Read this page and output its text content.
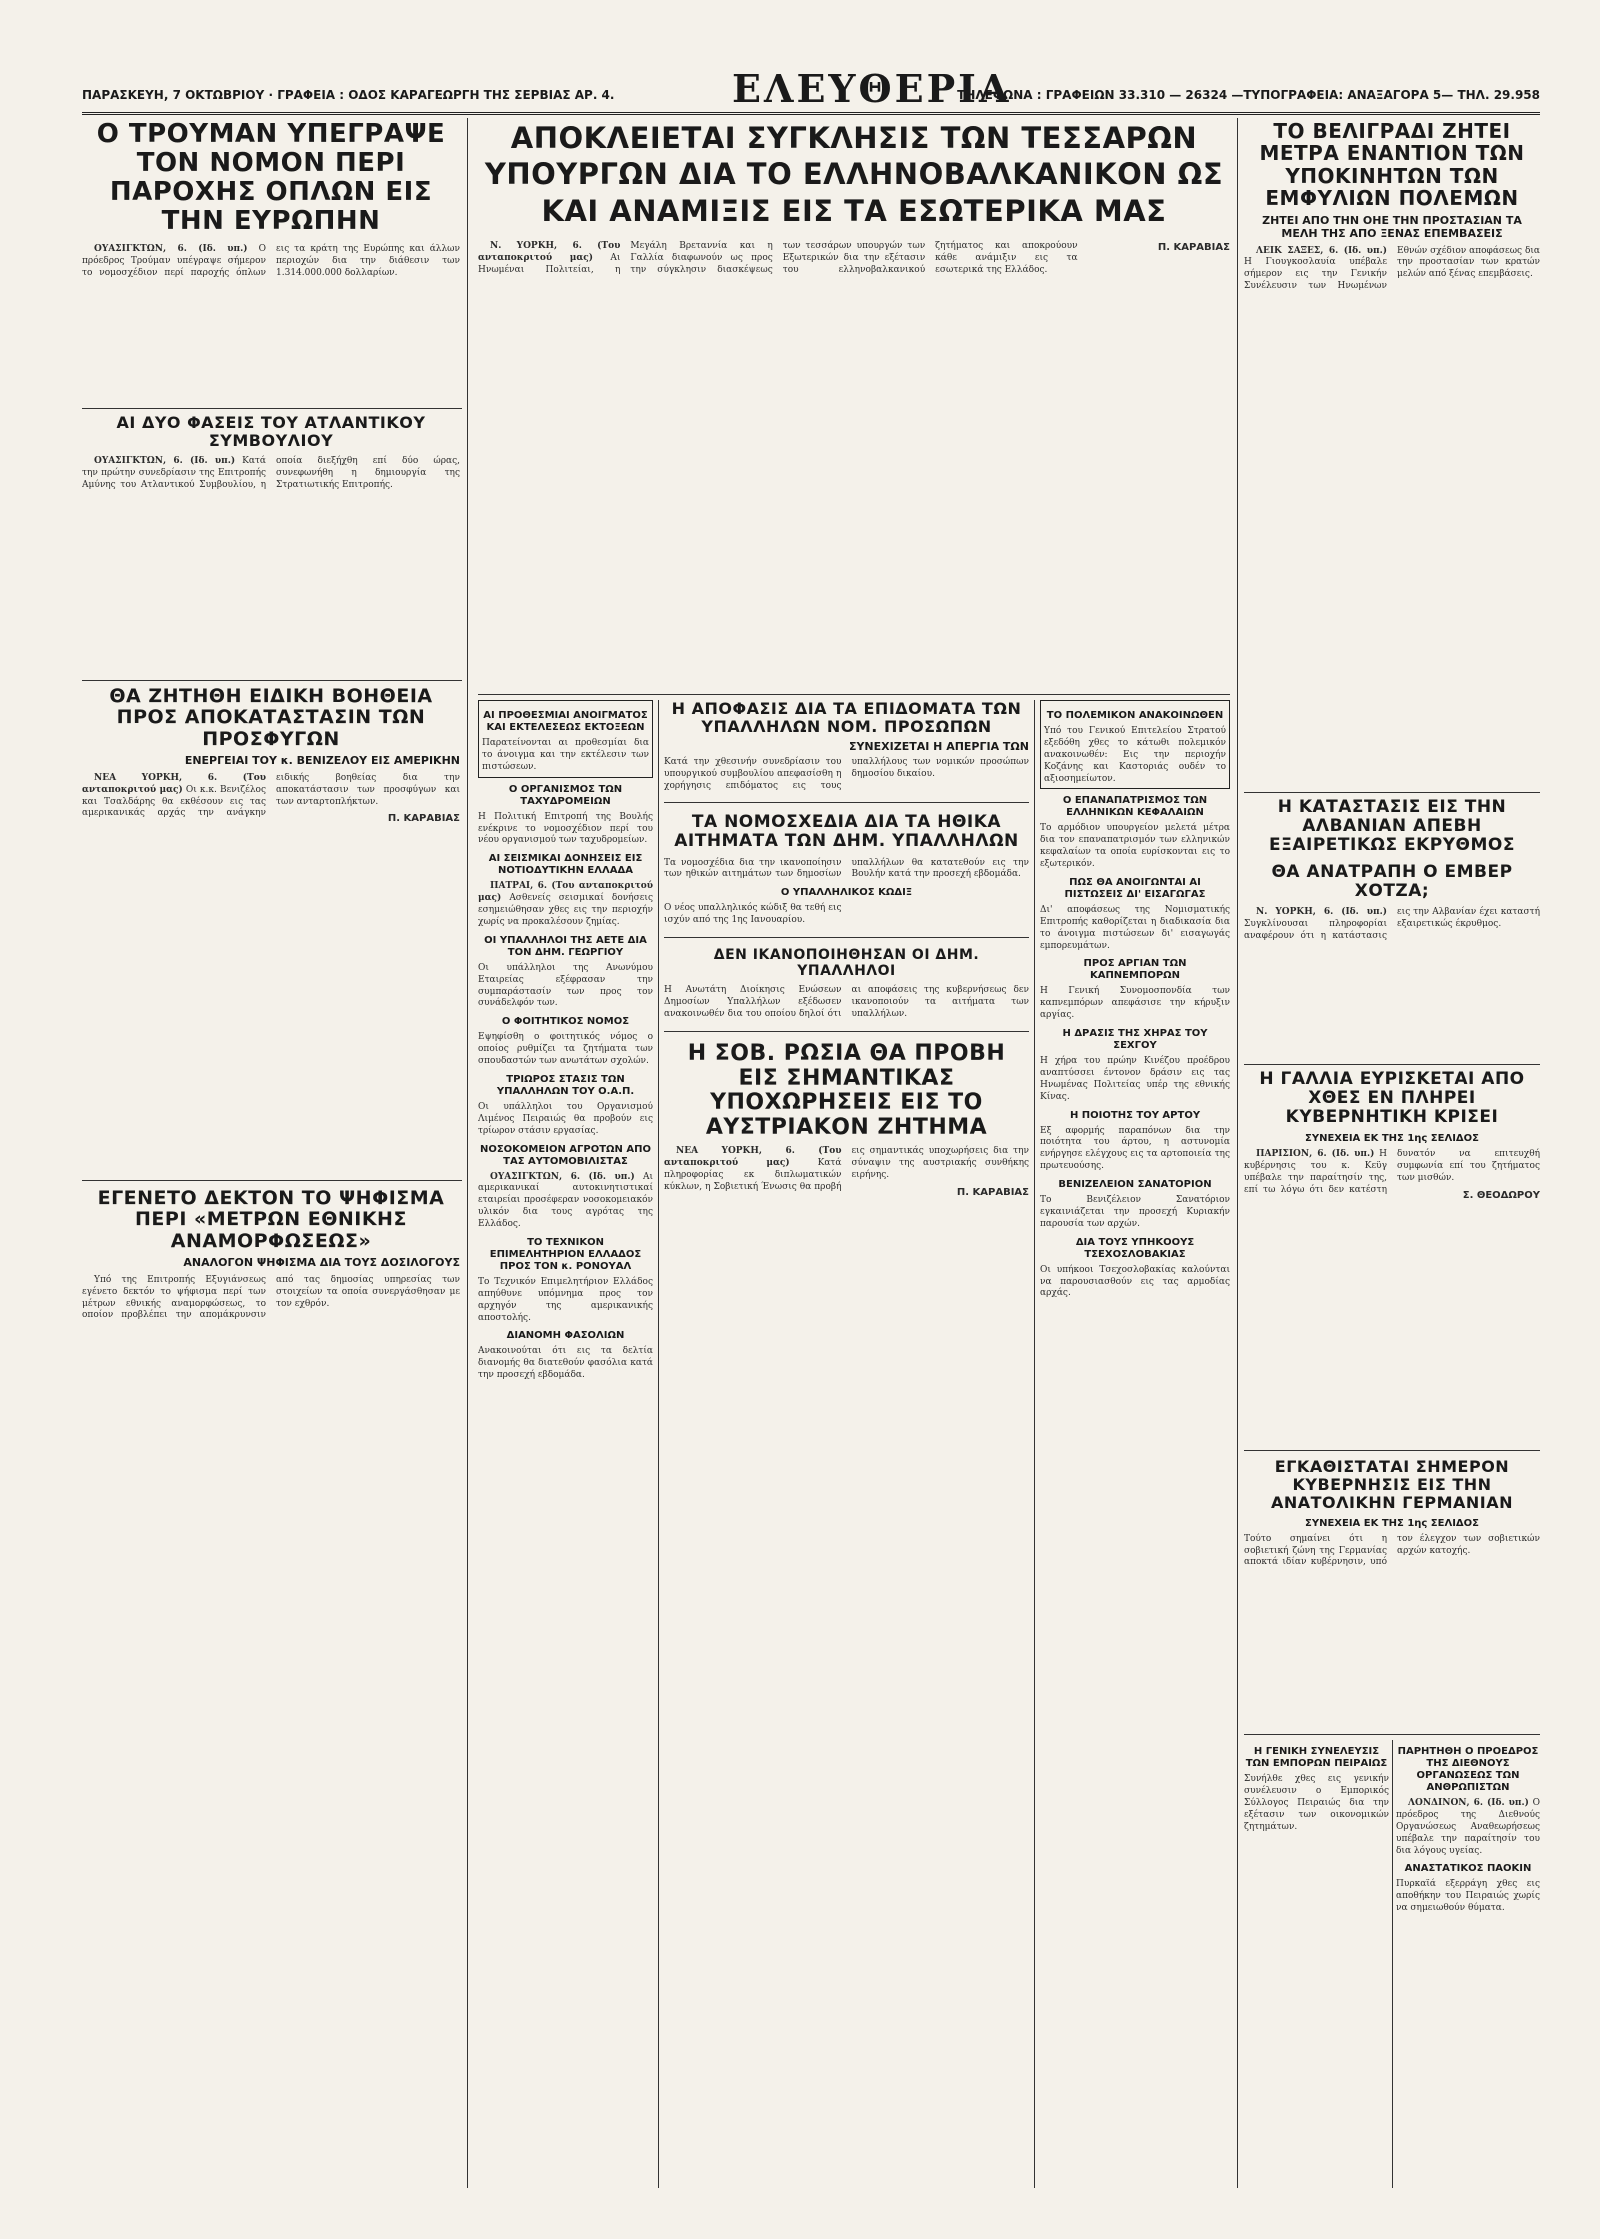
ΠΑΡΑΣΚΕΥΗ, 7 ΟΚΤΩΒΡΙΟΥ · ΓΡΑΦΕΙΑ : ΟΔΟΣ ΚΑΡΑΓΕΩΡΓΗ ΤΗΣ ΣΕΡΒΙΑΣ ΑΡ. 4.	ΕΛΕΥΘΕΡΙΑ
ΤΗΛΕΦΩΝΑ : ΓΡΑΦΕΙΩΝ 33.310 — 26324 —ΤΥΠΟΓΡΑΦΕΙΑ: ΑΝΑΞΑΓΟΡΑ 5— ΤΗΛ. 29.958
Ο ΤΡΟΥΜΑΝ ΥΠΕΓΡΑΨΕ ΤΟΝ ΝΟΜΟΝ ΠΕΡΙ ΠΑΡΟΧΗΣ ΟΠΛΩΝ ΕΙΣ ΤΗΝ ΕΥΡΩΠΗΝ

ΟΥΑΣΙΓΚΤΩΝ, 6. (Ιδ. υπ.) Ο πρόεδρος Τρούμαν υπέγραψε σήμερον το νομοσχέδιον περί παροχής όπλων εις τα κράτη της Ευρώπης και άλλων περιοχών δια την διάθεσιν των 1.314.000.000 δολλαρίων.

ΑΙ ΔΥΟ ΦΑΣΕΙΣ ΤΟΥ ΑΤΛΑΝΤΙΚΟΥ ΣΥΜΒΟΥΛΙΟΥ

ΟΥΑΣΙΓΚΤΩΝ, 6. (Ιδ. υπ.) Κατά την πρώτην συνεδρίασιν της Επιτροπής Αμύνης του Ατλαντικού Συμβουλίου, η οποία διεξήχθη επί δύο ώρας, συνεφωνήθη η δημιουργία της Στρατιωτικής Επιτροπής.

ΘΑ ΖΗΤΗΘΗ ΕΙΔΙΚΗ ΒΟΗΘΕΙΑ ΠΡΟΣ ΑΠΟΚΑΤΑΣΤΑΣΙΝ ΤΩΝ ΠΡΟΣΦΥΓΩΝ
ΕΝΕΡΓΕΙΑΙ ΤΟΥ κ. ΒΕΝΙΖΕΛΟΥ ΕΙΣ ΑΜΕΡΙΚΗΝ

ΝΕΑ ΥΟΡΚΗ, 6. (Του ανταποκριτού μας) Οι κ.κ. Βενιζέλος και Τσαλδάρης θα εκθέσουν εις τας αμερικανικάς αρχάς την ανάγκην ειδικής βοηθείας δια την αποκατάστασιν των προσφύγων και των ανταρτοπλήκτων.

Π. ΚΑΡΑΒΙΑΣ
ΕΓΕΝΕΤΟ ΔΕΚΤΟΝ ΤΟ ΨΗΦΙΣΜΑ ΠΕΡΙ «ΜΕΤΡΩΝ ΕΘΝΙΚΗΣ ΑΝΑΜΟΡΦΩΣΕΩΣ»
ΑΝΑΛΟΓΟΝ ΨΗΦΙΣΜΑ ΔΙΑ ΤΟΥΣ ΔΟΣΙΛΟΓΟΥΣ

Υπό της Επιτροπής Εξυγιάνσεως εγένετο δεκτόν το ψήφισμα περί των μέτρων εθνικής αναμορφώσεως, το οποίον προβλέπει την απομάκρυνσιν από τας δημοσίας υπηρεσίας των στοιχείων τα οποία συνεργάσθησαν με τον εχθρόν.

ΑΠΟΚΛΕΙΕΤΑΙ ΣΥΓΚΛΗΣΙΣ ΤΩΝ ΤΕΣΣΑΡΩΝ ΥΠΟΥΡΓΩΝ ΔΙΑ ΤΟ ΕΛΛΗΝΟΒΑΛΚΑΝΙΚΟΝ ΩΣ ΚΑΙ ΑΝΑΜΙΞΙΣ ΕΙΣ ΤΑ ΕΣΩΤΕΡΙΚΑ ΜΑΣ

Ν. ΥΟΡΚΗ, 6. (Του ανταποκριτού μας) Αι Ηνωμέναι Πολιτείαι, η Μεγάλη Βρεταννία και η Γαλλία διαφωνούν ως προς την σύγκλησιν διασκέψεως των τεσσάρων υπουργών των Εξωτερικών δια την εξέτασιν του ελληνοβαλκανικού ζητήματος και αποκρούουν κάθε ανάμιξιν εις τα εσωτερικά της Ελλάδος.

Π. ΚΑΡΑΒΙΑΣ
ΑΙ ΠΡΟΘΕΣΜΙΑΙ ΑΝΟΙΓΜΑΤΟΣ ΚΑΙ ΕΚΤΕΛΕΣΕΩΣ ΕΚΤΟΞΕΩΝ
Παρατείνονται αι προθεσμίαι δια το άνοιγμα και την εκτέλεσιν των πιστώσεων.
Ο ΟΡΓΑΝΙΣΜΟΣ ΤΩΝ ΤΑΧΥΔΡΟΜΕΙΩΝ
Η Πολιτική Επιτροπή της Βουλής ενέκρινε το νομοσχέδιον περί του νέου οργανισμού των ταχυδρομείων.
ΑΙ ΣΕΙΣΜΙΚΑΙ ΔΟΝΗΣΕΙΣ ΕΙΣ ΝΟΤΙΟΔΥΤΙΚΗΝ ΕΛΛΑΔΑ

ΠΑΤΡΑΙ, 6. (Του ανταποκριτού μας) Ασθενείς σεισμικαί δονήσεις εσημειώθησαν χθες εις την περιοχήν χωρίς να προκαλέσουν ζημίας.

ΟΙ ΥΠΑΛΛΗΛΟΙ ΤΗΣ ΑΕΤΕ ΔΙΑ ΤΟΝ ΔΗΜ. ΓΕΩΡΓΙΟΥ
Οι υπάλληλοι της Ανωνύμου Εταιρείας εξέφρασαν την συμπαράστασίν των προς τον συνάδελφόν των.
Ο ΦΟΙΤΗΤΙΚΟΣ ΝΟΜΟΣ
Εψηφίσθη ο φοιτητικός νόμος ο οποίος ρυθμίζει τα ζητήματα των σπουδαστών των ανωτάτων σχολών.
ΤΡΙΩΡΟΣ ΣΤΑΣΙΣ ΤΩΝ ΥΠΑΛΛΗΛΩΝ ΤΟΥ Ο.Α.Π.
Οι υπάλληλοι του Οργανισμού Λιμένος Πειραιώς θα προβούν εις τρίωρον στάσιν εργασίας.
ΝΟΣΟΚΟΜΕΙΟΝ ΑΓΡΟΤΩΝ ΑΠΟ ΤΑΣ ΑΥΤΟΜΟΒΙΛΙΣΤΑΣ

ΟΥΑΣΙΓΚΤΩΝ, 6. (Ιδ. υπ.) Αι αμερικανικαί αυτοκινητιστικαί εταιρείαι προσέφεραν νοσοκομειακόν υλικόν δια τους αγρότας της Ελλάδος.

ΤΟ ΤΕΧΝΙΚΟΝ ΕΠΙΜΕΛΗΤΗΡΙΟΝ ΕΛΛΑΔΟΣ ΠΡΟΣ ΤΟΝ κ. ΡΟΝΟΥΑΛ
Το Τεχνικόν Επιμελητήριον Ελλάδος απηύθυνε υπόμνημα προς τον αρχηγόν της αμερικανικής αποστολής.
ΔΙΑΝΟΜΗ ΦΑΣΟΛΙΩΝ
Ανακοινούται ότι εις τα δελτία διανομής θα διατεθούν φασόλια κατά την προσεχή εβδομάδα.
Η ΑΠΟΦΑΣΙΣ ΔΙΑ ΤΑ ΕΠΙΔΟΜΑΤΑ ΤΩΝ ΥΠΑΛΛΗΛΩΝ ΝΟΜ. ΠΡΟΣΩΠΩΝ
ΣΥΝΕΧΙΖΕΤΑΙ Η ΑΠΕΡΓΙΑ ΤΩΝ
Κατά την χθεσινήν συνεδρίασιν του υπουργικού συμβουλίου απεφασίσθη η χορήγησις επιδόματος εις τους υπαλλήλους των νομικών προσώπων δημοσίου δικαίου.
ΤΑ ΝΟΜΟΣΧΕΔΙΑ ΔΙΑ ΤΑ ΗΘΙΚΑ ΑΙΤΗΜΑΤΑ ΤΩΝ ΔΗΜ. ΥΠΑΛΛΗΛΩΝ
Τα νομοσχέδια δια την ικανοποίησιν των ηθικών αιτημάτων των δημοσίων υπαλλήλων θα κατατεθούν εις την Βουλήν κατά την προσεχή εβδομάδα.
Ο ΥΠΑΛΛΗΛΙΚΟΣ ΚΩΔΙΞ
Ο νέος υπαλληλικός κώδιξ θα τεθή εις ισχύν από της 1ης Ιανουαρίου.
ΔΕΝ ΙΚΑΝΟΠΟΙΗΘΗΣΑΝ ΟΙ ΔΗΜ. ΥΠΑΛΛΗΛΟΙ
Η Ανωτάτη Διοίκησις Ενώσεων Δημοσίων Υπαλλήλων εξέδωσεν ανακοινωθέν δια του οποίου δηλοί ότι αι αποφάσεις της κυβερνήσεως δεν ικανοποιούν τα αιτήματα των υπαλλήλων.
Η ΣΟΒ. ΡΩΣΙΑ ΘΑ ΠΡΟΒΗ ΕΙΣ ΣΗΜΑΝΤΙΚΑΣ ΥΠΟΧΩΡΗΣΕΙΣ ΕΙΣ ΤΟ ΑΥΣΤΡΙΑΚΟΝ ΖΗΤΗΜΑ

ΝΕΑ ΥΟΡΚΗ, 6. (Του ανταποκριτού μας)	Κατά πληροφορίας εκ διπλωματικών κύκλων, η Σοβιετική Ένωσις θα προβή εις σημαντικάς υποχωρήσεις δια την σύναψιν της αυστριακής συνθήκης ειρήνης.

Π. ΚΑΡΑΒΙΑΣ
ΤΟ ΠΟΛΕΜΙΚΟΝ ΑΝΑΚΟΙΝΩΘΕΝ
Υπό του Γενικού Επιτελείου Στρατού εξεδόθη χθες το κάτωθι πολεμικόν ανακοινωθέν: Εις την περιοχήν Κοζάνης και Καστοριάς ουδέν το αξιοσημείωτον.
Ο ΕΠΑΝΑΠΑΤΡΙΣΜΟΣ ΤΩΝ ΕΛΛΗΝΙΚΩΝ ΚΕΦΑΛΑΙΩΝ
Το αρμόδιον υπουργείον μελετά μέτρα δια τον επαναπατρισμόν των ελληνικών κεφαλαίων τα οποία ευρίσκονται εις το εξωτερικόν.
ΠΩΣ ΘΑ ΑΝΟΙΓΩΝΤΑΙ ΑΙ ΠΙΣΤΩΣΕΙΣ ΔΙ' ΕΙΣΑΓΩΓΑΣ
Δι' αποφάσεως της Νομισματικής Επιτροπής καθορίζεται η διαδικασία δια το άνοιγμα πιστώσεων δι' εισαγωγάς εμπορευμάτων.
ΠΡΟΣ ΑΡΓΙΑΝ ΤΩΝ ΚΑΠΝΕΜΠΟΡΩΝ
Η Γενική Συνομοσπονδία των καπνεμπόρων απεφάσισε την κήρυξιν αργίας.
Η ΔΡΑΣΙΣ ΤΗΣ ΧΗΡΑΣ ΤΟΥ ΣΕΧΓΟΥ
Η χήρα του πρώην Κινέζου προέδρου αναπτύσσει έντονον δράσιν εις τας Ηνωμένας Πολιτείας υπέρ της εθνικής Κίνας.
Η ΠΟΙΟΤΗΣ ΤΟΥ ΑΡΤΟΥ
Εξ αφορμής παραπόνων δια την ποιότητα του άρτου, η αστυνομία ενήργησε ελέγχους εις τα αρτοποιεία της πρωτευούσης.
ΒΕΝΙΖΕΛΕΙΟΝ ΣΑΝΑΤΟΡΙΟΝ
Το Βενιζέλειον Σανατόριον εγκαινιάζεται την προσεχή Κυριακήν παρουσία των αρχών.
ΔΙΑ ΤΟΥΣ ΥΠΗΚΟΟΥΣ ΤΣΕΧΟΣΛΟΒΑΚΙΑΣ
Οι υπήκοοι Τσεχοσλοβακίας καλούνται να παρουσιασθούν εις τας αρμοδίας αρχάς.
ΤΟ ΒΕΛΙΓΡΑΔΙ ΖΗΤΕΙ ΜΕΤΡΑ ΕΝΑΝΤΙΟΝ ΤΩΝ ΥΠΟΚΙΝΗΤΩΝ ΤΩΝ ΕΜΦΥΛΙΩΝ ΠΟΛΕΜΩΝ
ΖΗΤΕΙ ΑΠΟ ΤΗΝ ΟΗΕ ΤΗΝ ΠΡΟΣΤΑΣΙΑΝ ΤΑ ΜΕΛΗ ΤΗΣ ΑΠΟ ΞΕΝΑΣ ΕΠΕΜΒΑΣΕΙΣ

ΛΕΙΚ ΣΑΞΕΣ, 6. (Ιδ. υπ.) Η Γιουγκοσλαυία υπέβαλε σήμερον εις την Γενικήν Συνέλευσιν των Ηνωμένων Εθνών σχέδιον αποφάσεως δια την προστασίαν των κρατών μελών από ξένας επεμβάσεις.

Η ΚΑΤΑΣΤΑΣΙΣ ΕΙΣ ΤΗΝ ΑΛΒΑΝΙΑΝ ΑΠΕΒΗ ΕΞΑΙΡΕΤΙΚΩΣ ΕΚΡΥΘΜΟΣ
ΘΑ ΑΝΑΤΡΑΠΗ Ο ΕΜΒΕΡ ΧΟΤΖΑ;

Ν. ΥΟΡΚΗ, 6. (Ιδ. υπ.) Συγκλίνουσαι πληροφορίαι αναφέρουν ότι η κατάστασις εις την Αλβανίαν έχει καταστή εξαιρετικώς έκρυθμος.

Η ΓΑΛΛΙΑ ΕΥΡΙΣΚΕΤΑΙ ΑΠΟ ΧΘΕΣ ΕΝ ΠΛΗΡΕΙ ΚΥΒΕΡΝΗΤΙΚΗ ΚΡΙΣΕΙ
ΣΥΝΕΧΕΙΑ ΕΚ ΤΗΣ 1ης ΣΕΛΙΔΟΣ

ΠΑΡΙΣΙΟΝ, 6. (Ιδ. υπ.) Η κυβέρνησις του κ. Κεϋγ υπέβαλε την παραίτησίν της, επί τω λόγω ότι δεν κατέστη δυνατόν να επιτευχθή συμφωνία επί του ζητήματος των μισθών.

Σ. ΘΕΟΔΩΡΟΥ
ΕΓΚΑΘΙΣΤΑΤΑΙ ΣΗΜΕΡΟΝ ΚΥΒΕΡΝΗΣΙΣ ΕΙΣ ΤΗΝ ΑΝΑΤΟΛΙΚΗΝ ΓΕΡΜΑΝΙΑΝ
ΣΥΝΕΧΕΙΑ ΕΚ ΤΗΣ 1ης ΣΕΛΙΔΟΣ
Τούτο σημαίνει ότι η σοβιετική ζώνη της Γερμανίας αποκτά ιδίαν κυβέρνησιν, υπό τον έλεγχον των σοβιετικών αρχών κατοχής.
Η ΓΕΝΙΚΗ ΣΥΝΕΛΕΥΣΙΣ ΤΩΝ ΕΜΠΟΡΩΝ ΠΕΙΡΑΙΩΣ
Συνήλθε χθες εις γενικήν συνέλευσιν ο Εμπορικός Σύλλογος Πειραιώς δια την εξέτασιν των οικονομικών ζητημάτων.
ΠΑΡΗΤΗΘΗ Ο ΠΡΟΕΔΡΟΣ ΤΗΣ ΔΙΕΘΝΟΥΣ ΟΡΓΑΝΩΣΕΩΣ ΤΩΝ ΑΝΘΡΩΠΙΣΤΩΝ

ΛΟΝΔΙΝΟΝ, 6. (Ιδ. υπ.) Ο πρόεδρος της Διεθνούς Οργανώσεως Αναθεωρήσεως υπέβαλε την παραίτησίν του δια λόγους υγείας.

ΑΝΑΣΤΑΤΙΚΟΣ ΠΑΟΚΙΝ
Πυρκαϊά εξερράγη χθες εις αποθήκην του Πειραιώς χωρίς να σημειωθούν θύματα.
